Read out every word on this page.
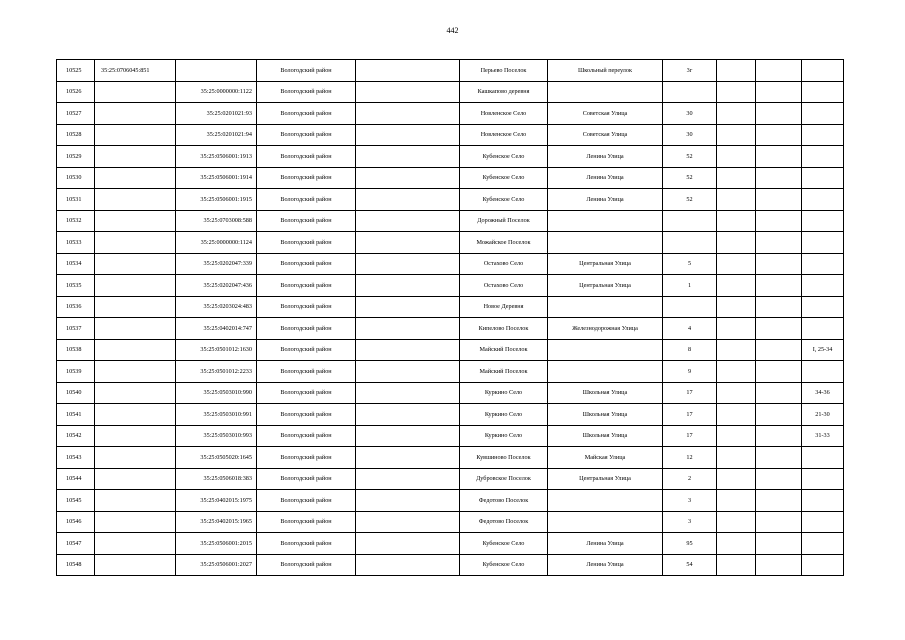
442
10525	35:25:0706045:851		Вологодский район		Перьево Поселок	Школьный переулок	3г			
10526		35:25:0000000:1122	Вологодский район		Кашкапово деревня					
10527		35:25:0201021:93	Вологодский район		Новленское Село	Советская Улица	30			
10528		35:25:0201021:94	Вологодский район		Новленское Село	Советская Улица	30			
10529		35:25:0506001:1913	Вологодский район		Кубенское Село	Ленина Улица	52			
10530		35:25:0506001:1914	Вологодский район		Кубенское Село	Ленина Улица	52			
10531		35:25:0506001:1915	Вологодский район		Кубенское Село	Ленина Улица	52			
10532		35:25:0703008:588	Вологодский район		Дорожный Поселок					
10533		35:25:0000000:1124	Вологодский район		Можайское Поселок					
10534		35:25:0202047:339	Вологодский район		Остахово Село	Центральная Улица	5			
10535		35:25:0202047:436	Вологодский район		Остахово Село	Центральная Улица	1			
10536		35:25:0203024:483	Вологодский район		Новое Деревня					
10537		35:25:0402014:747	Вологодский район		Кипелово Поселок	Железнодорожная Улица	4			
10538		35:25:0501012:1630	Вологодский район		Майский Поселок		8			I, 25-34
10539		35:25:0501012:2233	Вологодский район		Майский Поселок		9			
10540		35:25:0503010:990	Вологодский район		Куркино Село	Школьная Улица	17			34-36
10541		35:25:0503010:991	Вологодский район		Куркино Село	Школьная Улица	17			21-30
10542		35:25:0503010:993	Вологодский район		Куркино Село	Школьная Улица	17			31-33
10543		35:25:0505020:1645	Вологодский район		Кувшиново Поселок	Майская Улица	12			
10544		35:25:0506018:383	Вологодский район		Дубровское Поселок	Центральная Улица	2			
10545		35:25:0402015:1975	Вологодский район		Федотово Поселок		3			
10546		35:25:0402015:1965	Вологодский район		Федотово Поселок		3			
10547		35:25:0506001:2015	Вологодский район		Кубенское Село	Ленина Улица	95			
10548		35:25:0506001:2027	Вологодский район		Кубенское Село	Ленина Улица	54			
